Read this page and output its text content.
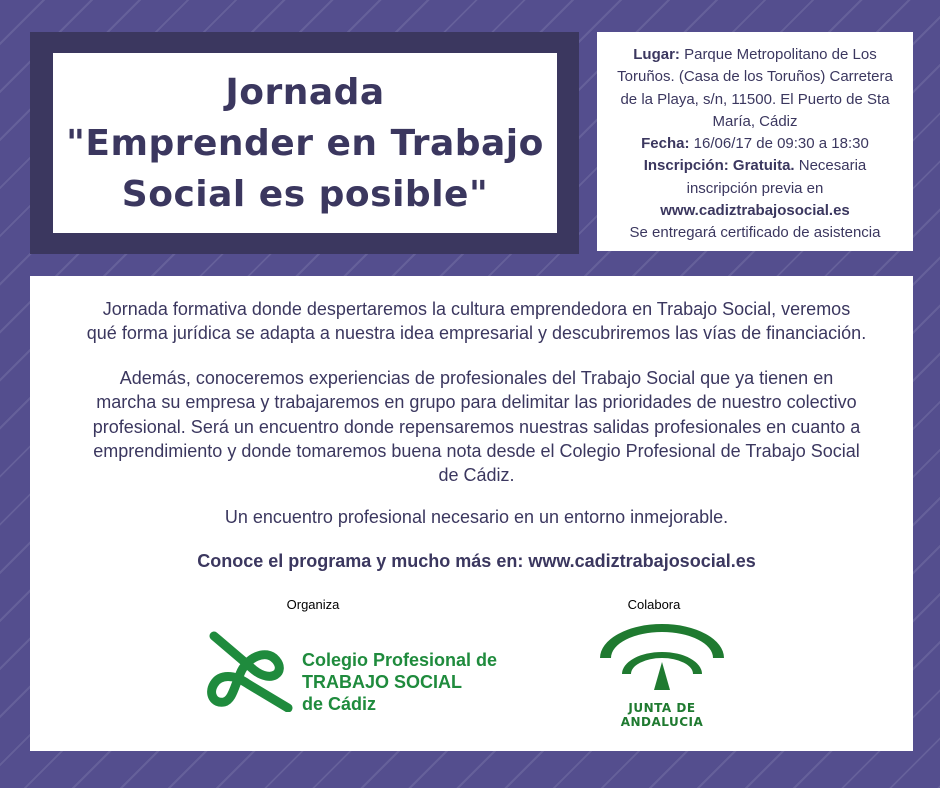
Jornada
"Emprender en Trabajo
Social es posible"

Lugar: Parque Metropolitano de Los

Toruños. (Casa de los Toruños) Carretera

de la Playa, s/n, 11500. El Puerto de Sta

María, Cádiz

Fecha: 16/06/17 de 09:30 a 18:30

Inscripción: Gratuita. Necesaria

inscripción previa en

www.cadiztrabajosocial.es

Se entregará certificado de asistencia

Jornada formativa donde despertaremos la cultura emprendedora en Trabajo Social, veremos
qué forma jurídica se adapta a nuestra idea empresarial y descubriremos las vías de financiación.

Además, conoceremos experiencias de profesionales del Trabajo Social que ya tienen en
marcha su empresa y trabajaremos en grupo para delimitar las prioridades de nuestro colectivo
profesional. Será un encuentro donde repensaremos nuestras salidas profesionales en cuanto a
emprendimiento y donde tomaremos buena nota desde el Colegio Profesional de Trabajo Social
de Cádiz.

Un encuentro profesional necesario en un entorno inmejorable.

Conoce el programa y mucho más en: www.cadiztrabajosocial.es

Organiza	Colabora
Colegio Profesional de
TRABAJO SOCIAL
de Cádiz	JUNTA DE ANDALUCIA
